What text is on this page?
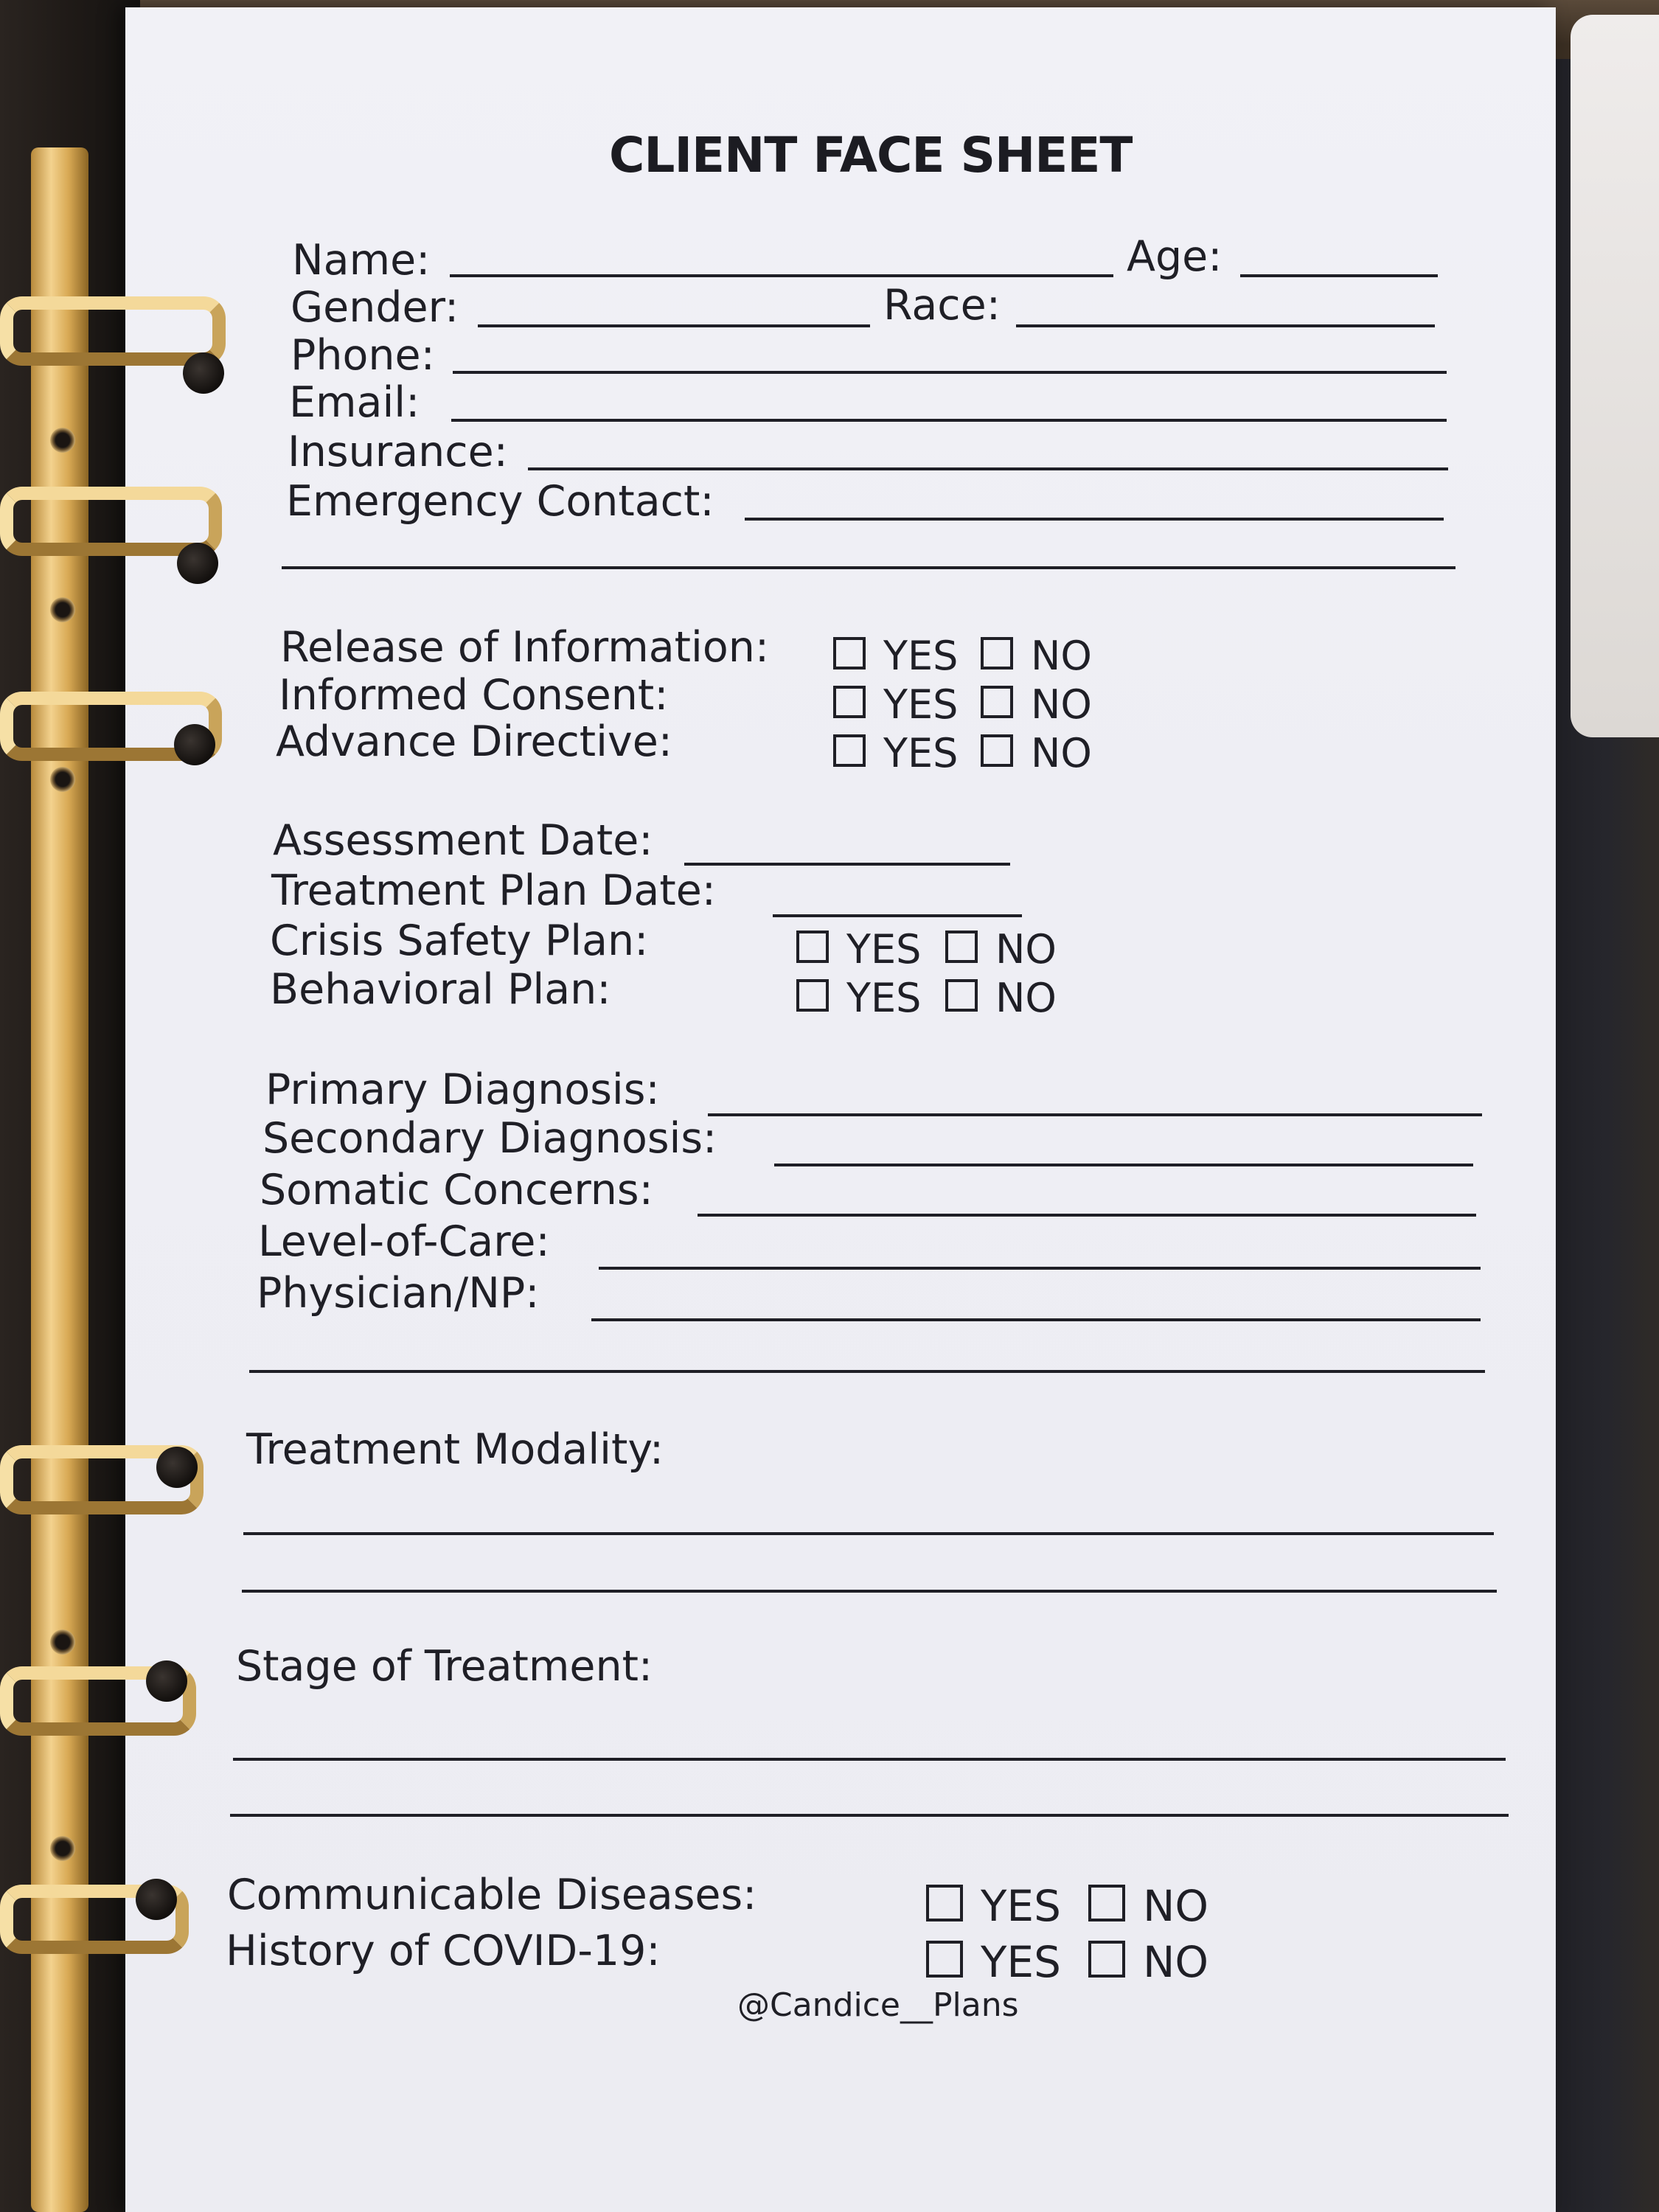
CLIENT FACE SHEET
Name:	Age:
Gender:	Race:
Phone:
Email:
Insurance:
Emergency Contact:
Release of Information:	YES NO
Informed Consent:	YES NO
Advance Directive:	YES NO
Assessment Date:
Treatment Plan Date:
Crisis Safety Plan:	YES NO
Behavioral Plan:	YES NO
Primary Diagnosis:
Secondary Diagnosis:
Somatic Concerns:
Level-of-Care:
Physician/NP:
Treatment Modality:
Stage of Treatment:
Communicable Diseases:	YES NO
History of COVID-19:	YES NO
@Candice__Plans
